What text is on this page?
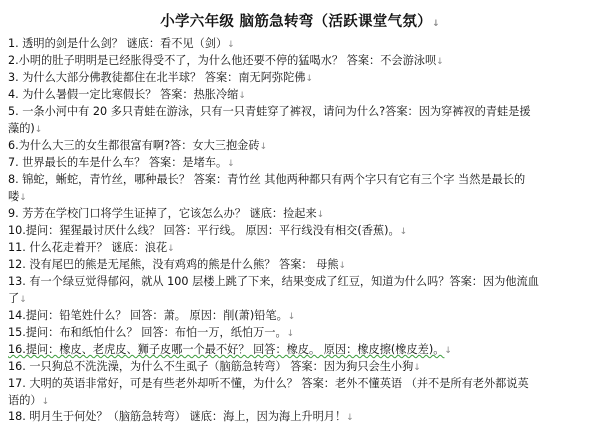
小学六年级 脑筋急转弯（活跃课堂气氛）↓
1. 透明的剑是什么剑？ 谜底：看不见（剑）↓
2.小明的肚子明明是已经胀得受不了，为什么他还要不停的猛喝水？ 答案：不会游泳呗↓
3. 为什么大部分佛教徒都住在北半球？ 答案：南无阿弥陀佛↓
4. 为什么暑假一定比寒假长？ 答案：热胀冷缩↓
5. 一条小河中有 20 多只青蛙在游泳，只有一只青蛙穿了裤衩，请问为什么?答案：因为穿裤衩的青蛙是援
藻的)↓
6.为什么大三的女生都很富有啊?答：女大三抱金砖↓
7. 世界最长的车是什么车？ 答案：是堵车。↓
8. 锦蛇，蜥蛇，青竹丝，哪种最长？ 答案：青竹丝 其他两种都只有两个字只有它有三个字 当然是最长的
喽↓
9. 芳芳在学校门口将学生证掉了，它该怎么办？ 谜底：捡起来↓
10.提问：猩猩最讨厌什么线？ 回答：平行线。 原因：平行线没有相交(香蕉)。↓
11. 什么花走着开？ 谜底：浪花↓
12. 没有尾巴的熊是无尾熊，没有鸡鸡的熊是什么熊？ 答案： 母熊↓
13. 有一个绿豆觉得郁闷，就从 100 层楼上跳了下来，结果变成了红豆，知道为什么吗？答案：因为他流血
了↓
14.提问：铅笔姓什么？ 回答：萧。 原因：削(萧)铅笔。↓
15.提问：布和纸怕什么？ 回答：布怕一万，纸怕万一。↓
16.提问：橡皮、老虎皮、狮子皮哪一个最不好？ 回答：橡皮。 原因：橡皮擦(橡皮差)。↓
16. 一只狗总不洗洗澡，为什么不生虱子（脑筋急转弯） 答案：因为狗只会生小狗↓
17. 大明的英语非常好，可是有些老外却听不懂，为什么？ 答案：老外不懂英语 （并不是所有老外都说英
语的）↓
18. 明月生于何处？（脑筋急转弯） 谜底：海上，因为海上升明月！↓
